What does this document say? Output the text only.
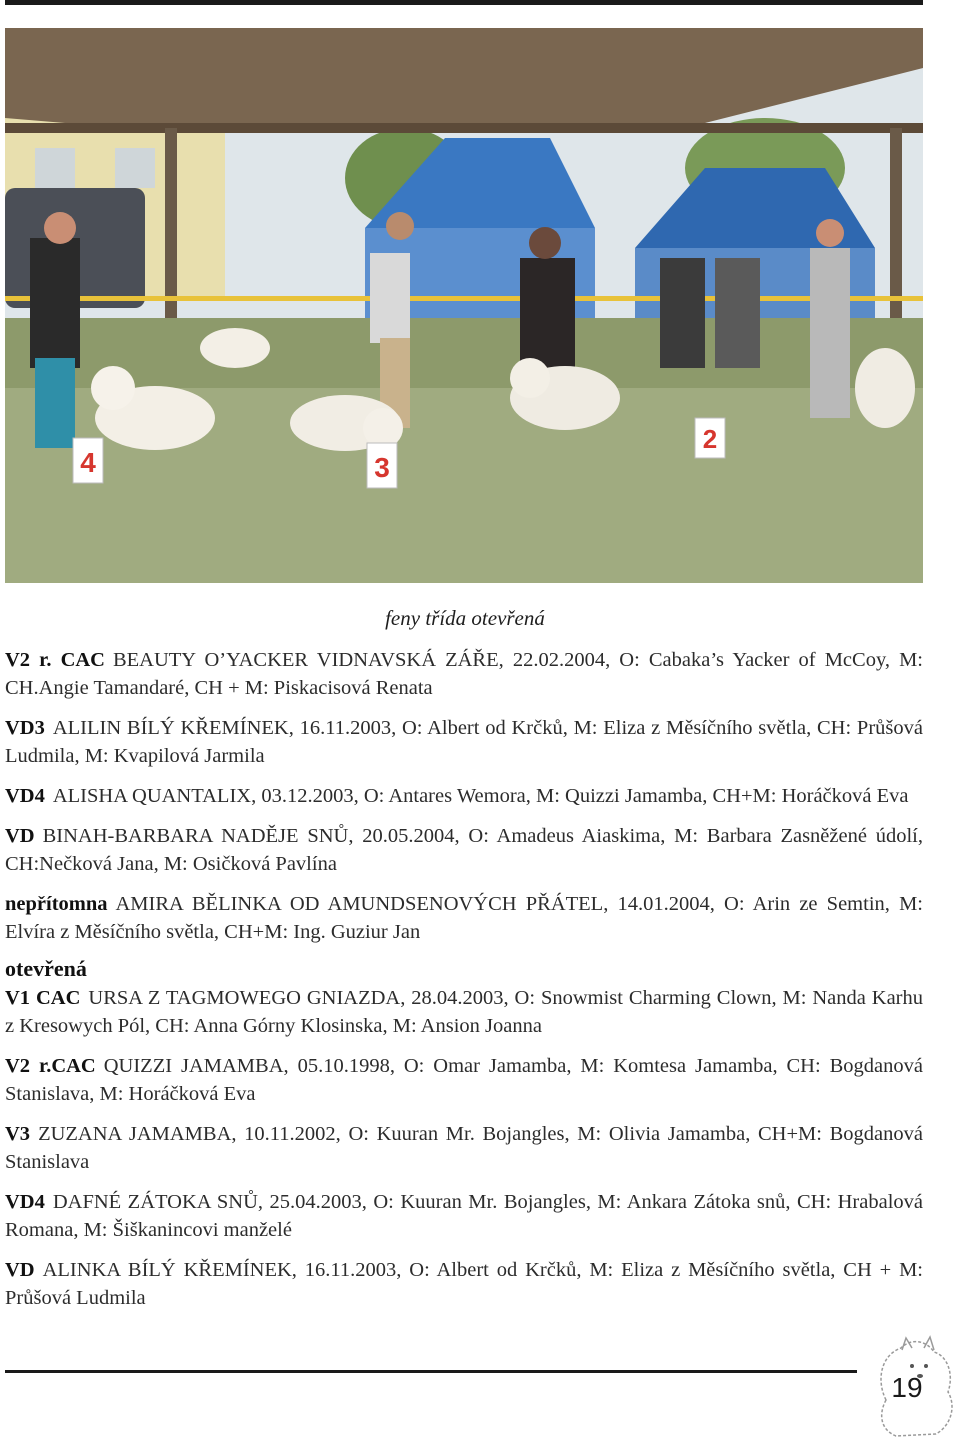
4	3
2
feny třída otevřená

V2 r. CAC BEAUTY O’YACKER VIDNAVSKÁ ZÁŘE, 22.02.2004, O: Cabaka’s Yacker of McCoy, M: CH.Angie Tamandaré, CH + M: Piskacisová Renata

VD3 ALILIN BÍLÝ KŘEMÍNEK, 16.11.2003, O: Albert od Krčků, M: Eliza z Měsíčního světla, CH: Průšová Ludmila, M: Kvapilová Jarmila

VD4 ALISHA QUANTALIX, 03.12.2003, O: Antares Wemora, M: Quizzi Jamamba, CH+M: Horáčková Eva

VD BINAH-BARBARA NADĚJE SNŮ, 20.05.2004, O: Amadeus Aiaskima, M: Barbara Zasněžené údolí, CH:Nečková Jana, M: Osičková Pavlína

nepřítomna AMIRA BĚLINKA OD AMUNDSENOVÝCH PŘÁTEL, 14.01.2004, O: Arin ze Semtin, M: Elvíra z Měsíčního světla, CH+M: Ing. Guziur Jan

otevřená

V1 CAC URSA Z TAGMOWEGO GNIAZDA, 28.04.2003, O: Snowmist Charming Clown, M: Nanda Karhu z Kresowych Pól, CH: Anna Górny Klosinska, M: Ansion Joanna

V2 r.CAC QUIZZI JAMAMBA, 05.10.1998, O: Omar Jamamba, M: Komtesa Jamamba, CH: Bogdanová Stanislava, M: Horáčková Eva

V3 ZUZANA JAMAMBA, 10.11.2002, O: Kuuran Mr. Bojangles, M: Olivia Jamamba, CH+M: Bogdanová Stanislava

VD4 DAFNÉ ZÁTOKA SNŮ, 25.04.2003, O: Kuuran Mr. Bojangles, M: Ankara Zátoka snů, CH: Hrabalová Romana, M: Šiškanincovi manželé

VD ALINKA BÍLÝ KŘEMÍNEK, 16.11.2003, O: Albert od Krčků, M: Eliza z Měsíčního světla, CH + M: Průšová Ludmila

19
